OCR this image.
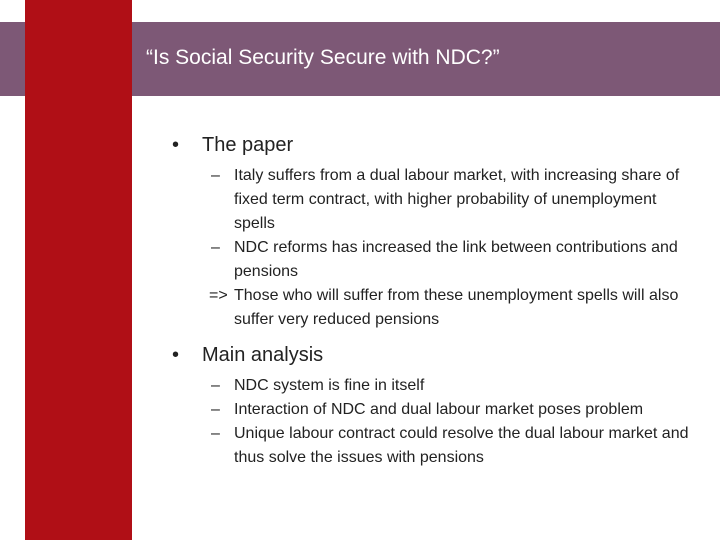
“Is Social Security Secure with NDC?”
• The paper
– Italy suffers from a dual labour market, with increasing share of fixed term contract, with higher probability of unemployment spells
– NDC reforms has increased the link between contributions and pensions
=> Those who will suffer from these unemployment spells will also suffer very reduced pensions
• Main analysis
– NDC system is fine in itself
– Interaction of NDC and dual labour market poses problem
– Unique labour contract could resolve the dual labour market and thus solve the issues with pensions
